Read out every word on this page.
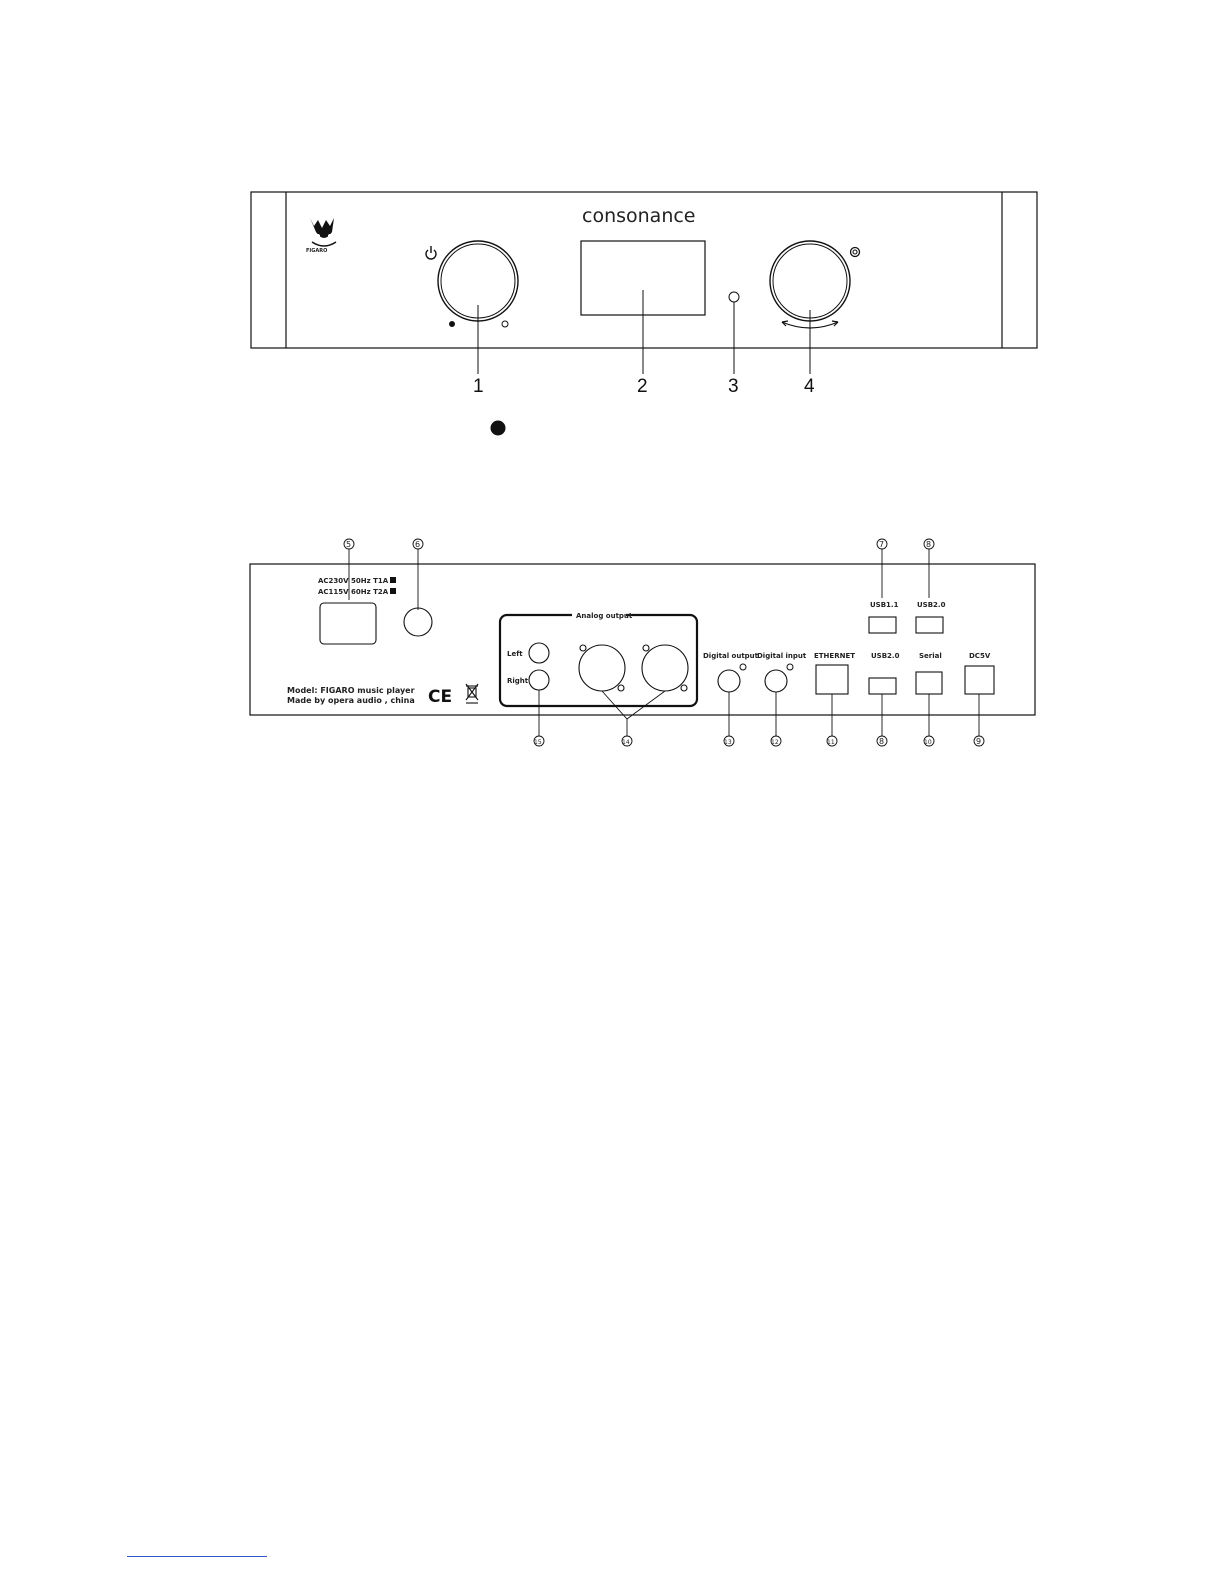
FIGARO
consonance
1	2	3	4
5	6	7	8
AC230V 50Hz T1A
AC115V 60Hz T2A
Model: FIGARO music player
Made by opera audio , china CE
Analog output
Left
Right
Digital output
Digital input ETHERNET
USB1.1	USB2.0
USB2.0	Serial	DC5V
15	14	13	12	11	8	10	9
